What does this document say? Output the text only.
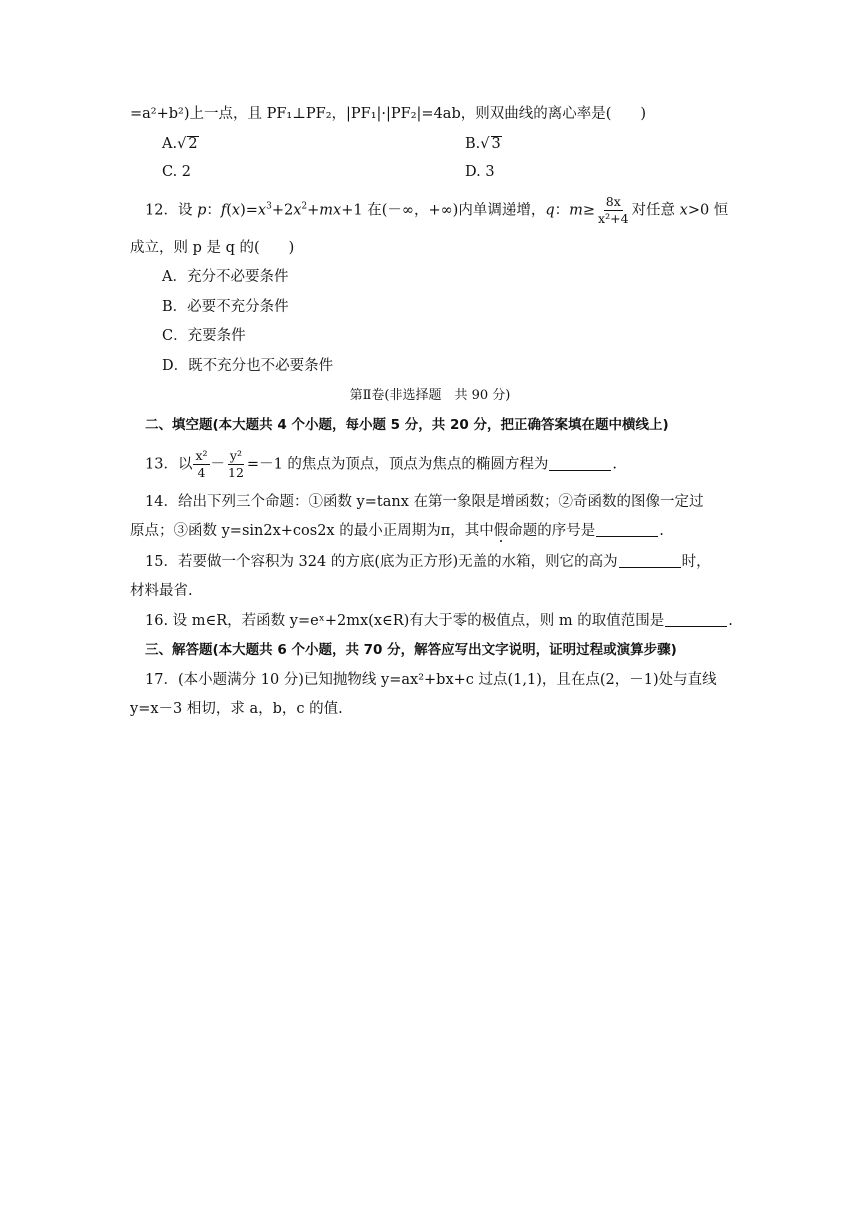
=a²+b²)上一点，且 PF₁⊥PF₂，|PF₁|·|PF₂|=4ab，则双曲线的离心率是(　　)
A.√ 2	B.√ 3
C. 2	D. 3
12．设 p：$f(x)=x^3+2x^2+mx+1$ 在(－∞，+∞)内单调递增，q：$m\ge \frac{8x}{\text{x²+4}}$ 对任意 x>0 恒
成立，则 p 是 q 的(　　)
A．充分不必要条件
B．必要不充分条件
C．充要条件
D．既不充分也不必要条件
第Ⅱ卷(非选择题　共 90 分)
二、填空题(本大题共 4 个小题，每小题 5 分，共 20 分，把正确答案填在题中横线上)
13．以 $\frac{\text{x²}}{4} - \frac{\text{y²}}{12} =-1$ 的焦点为顶点，顶点为焦点的椭圆方程为	.
14．给出下列三个命题：①函数 y=tanx 在第一象限是增函数；②奇函数的图像一定过
原点；③函数 y=sin2x+cos2x 的最小正周期为π，其中假命题的序号是	.
15．若要做一个容积为 324 的方底(底为正方形)无盖的水箱，则它的高为	时，
材料最省.
16. 设 m∈R，若函数 y=eˣ+2mx(x∈R)有大于零的极值点，则 m 的取值范围是	.
三、解答题(本大题共 6 个小题，共 70 分，解答应写出文字说明，证明过程或演算步骤)
17．(本小题满分 10 分)已知抛物线 y=ax²+bx+c 过点(1,1)，且在点(2，－1)处与直线
y=x－3 相切，求 a，b，c 的值.
